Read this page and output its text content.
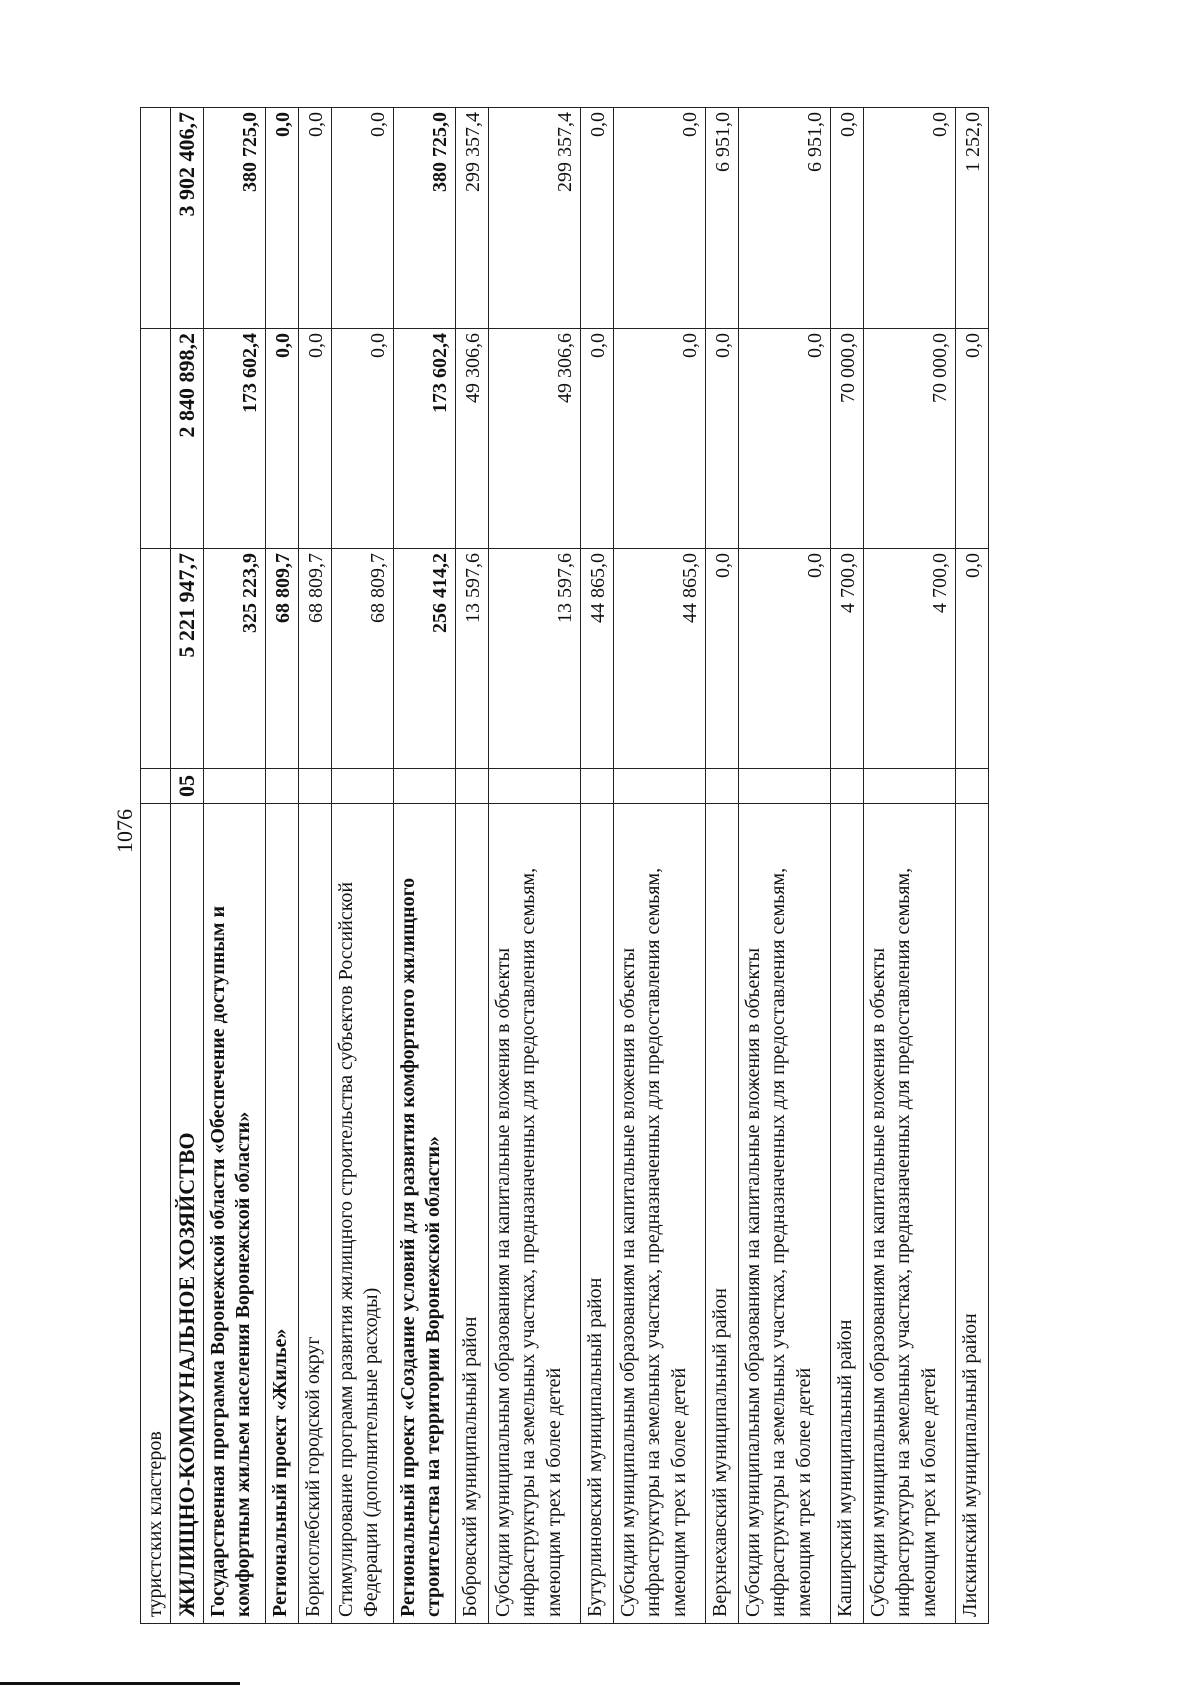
1076
туристских кластеров				
ЖИЛИЩНО-КОММУНАЛЬНОЕ ХОЗЯЙСТВО	05	5 221 947,7	2 840 898,2	3 902 406,7
Государственная программа Воронежской области «Обеспечение доступным и комфортным жильем населения Воронежской области»		325 223,9	173 602,4	380 725,0
Региональный проект «Жилье»		68 809,7	0,0	0,0
Борисоглебский городской округ		68 809,7	0,0	0,0
Стимулирование программ развития жилищного строительства субъектов Российской Федерации (дополнительные расходы)		68 809,7	0,0	0,0
Региональный проект «Создание условий для развития комфортного жилищного строительства на территории Воронежской области»		256 414,2	173 602,4	380 725,0
Бобровский муниципальный район		13 597,6	49 306,6	299 357,4
Субсидии муниципальным образованиям на капитальные вложения в объекты инфраструктуры на земельных участках, предназначенных для предоставления семьям, имеющим трех и более детей		13 597,6	49 306,6	299 357,4
Бутурлиновский муниципальный район		44 865,0	0,0	0,0
Субсидии муниципальным образованиям на капитальные вложения в объекты инфраструктуры на земельных участках, предназначенных для предоставления семьям, имеющим трех и более детей		44 865,0	0,0	0,0
Верхнехавский муниципальный район		0,0	0,0	6 951,0
Субсидии муниципальным образованиям на капитальные вложения в объекты инфраструктуры на земельных участках, предназначенных для предоставления семьям, имеющим трех и более детей		0,0	0,0	6 951,0
Каширский муниципальный район		4 700,0	70 000,0	0,0
Субсидии муниципальным образованиям на капитальные вложения в объекты инфраструктуры на земельных участках, предназначенных для предоставления семьям, имеющим трех и более детей		4 700,0	70 000,0	0,0
Лискинский муниципальный район		0,0	0,0	1 252,0
